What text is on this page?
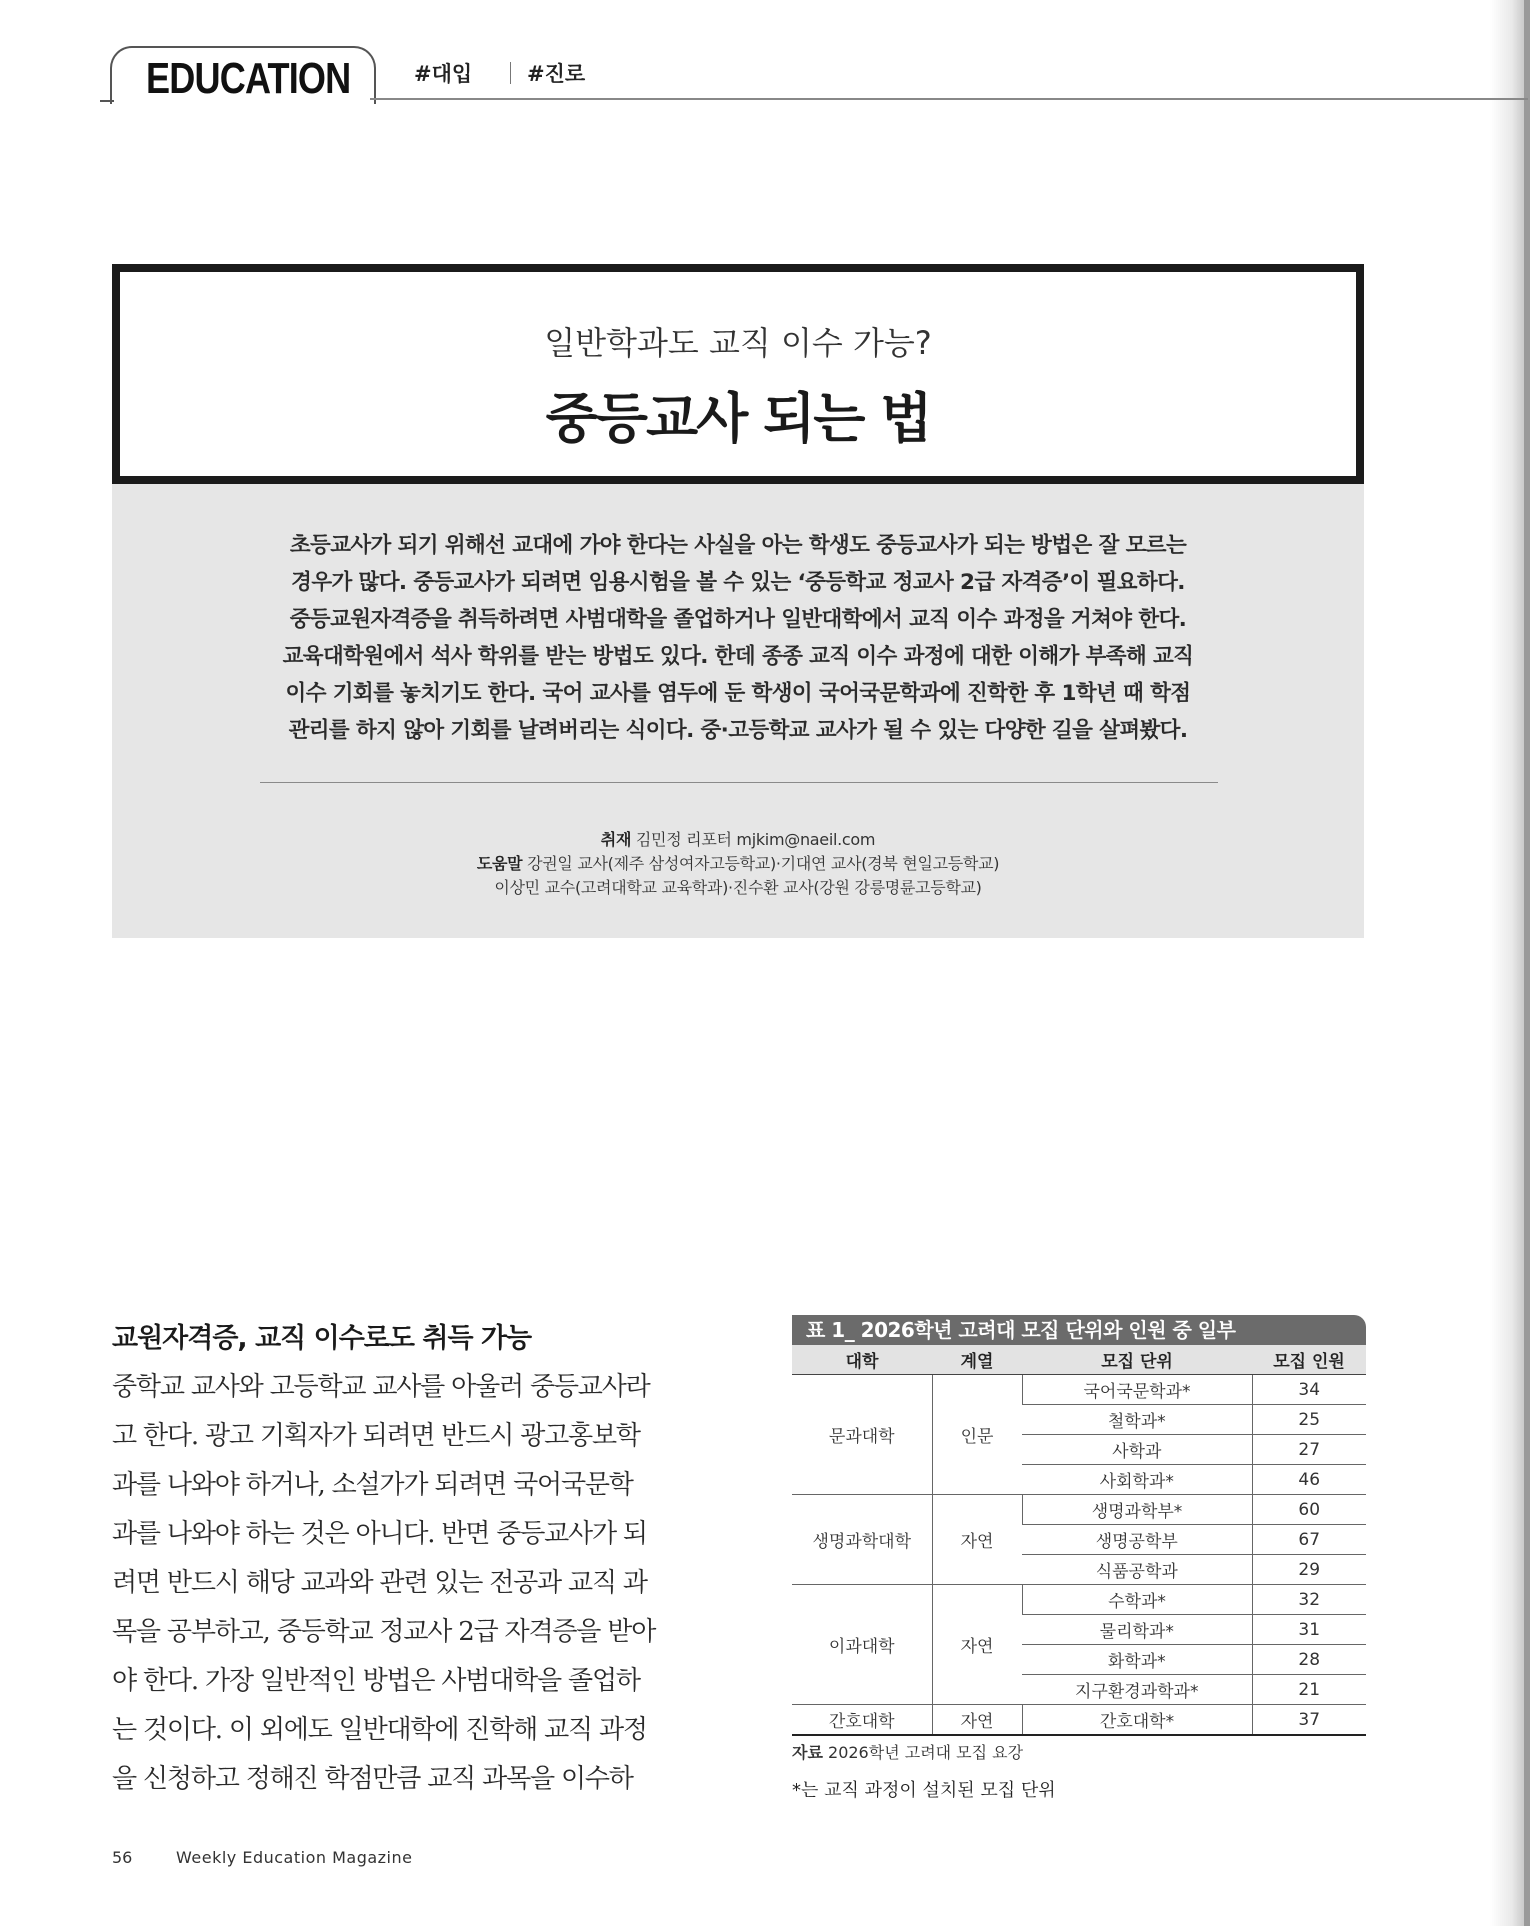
EDUCATION	#대입	#진로
일반학과도 교직 이수 가능?
중등교사 되는 법
초등교사가 되기 위해선 교대에 가야 한다는 사실을 아는 학생도 중등교사가 되는 방법은 잘 모르는
경우가 많다. 중등교사가 되려면 임용시험을 볼 수 있는 ‘중등학교 정교사 2급 자격증’이 필요하다.
중등교원자격증을 취득하려면 사범대학을 졸업하거나 일반대학에서 교직 이수 과정을 거쳐야 한다.
교육대학원에서 석사 학위를 받는 방법도 있다. 한데 종종 교직 이수 과정에 대한 이해가 부족해 교직
이수 기회를 놓치기도 한다. 국어 교사를 염두에 둔 학생이 국어국문학과에 진학한 후 1학년 때 학점
관리를 하지 않아 기회를 날려버리는 식이다. 중·고등학교 교사가 될 수 있는 다양한 길을 살펴봤다.
취재 김민정 리포터 mjkim@naeil.com
도움말 강권일 교사(제주 삼성여자고등학교)·기대연 교사(경북 현일고등학교)
이상민 교수(고려대학교 교육학과)·진수환 교사(강원 강릉명륜고등학교)
교원자격증, 교직 이수로도 취득 가능
중학교 교사와 고등학교 교사를 아울러 중등교사라
고 한다. 광고 기획자가 되려면 반드시 광고홍보학
과를 나와야 하거나, 소설가가 되려면 국어국문학
과를 나와야 하는 것은 아니다. 반면 중등교사가 되
려면 반드시 해당 교과와 관련 있는 전공과 교직 과
목을 공부하고, 중등학교 정교사 2급 자격증을 받아
야 한다. 가장 일반적인 방법은 사범대학을 졸업하
는 것이다. 이 외에도 일반대학에 진학해 교직 과정
을 신청하고 정해진 학점만큼 교직 과목을 이수하
표 1_ 2026학년 고려대 모집 단위와 인원 중 일부
대학	계열	모집 단위	모집 인원
문과대학	인문	국어국문학과*	34
		철학과*	25
		사학과	27
		사회학과*	46
생명과학대학	자연	생명과학부*	60
		생명공학부	67
		식품공학과	29
이과대학	자연	수학과*	32
		물리학과*	31
		화학과*	28
		지구환경과학과*	21
간호대학	자연	간호대학*	37
자료 2026학년 고려대 모집 요강
*는 교직 과정이 설치된 모집 단위
56	Weekly Education Magazine
